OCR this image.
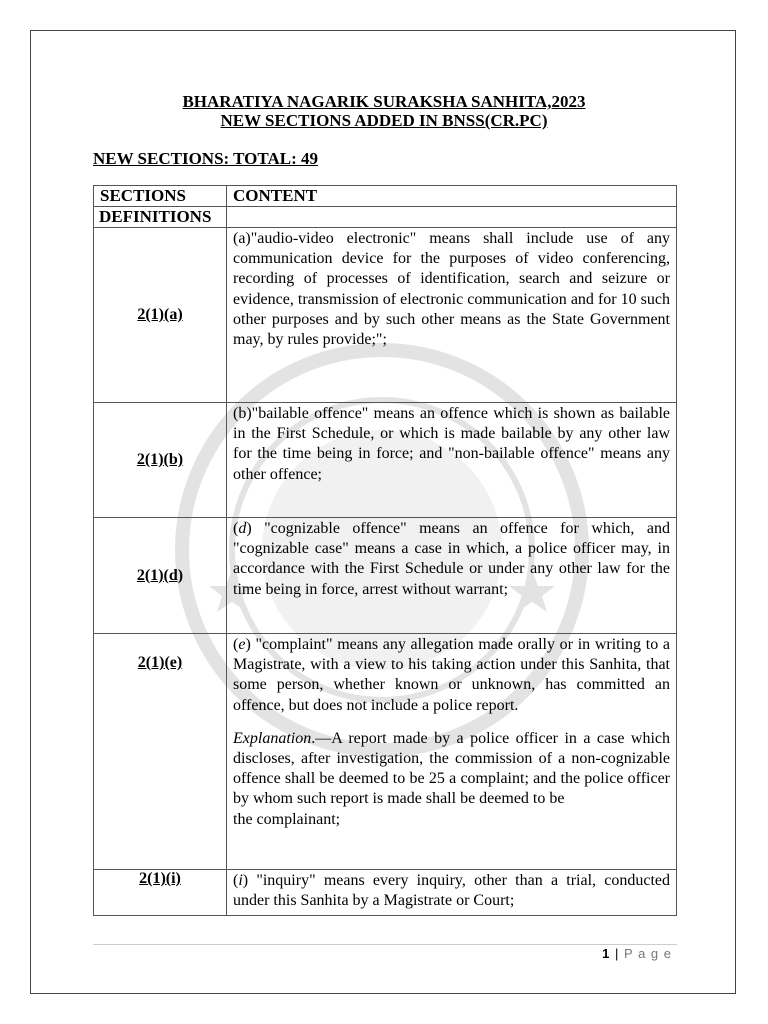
BHARATIYA NAGARIK SURAKSHA SANHITA,2023
NEW SECTIONS ADDED IN BNSS(CR.PC)
NEW SECTIONS: TOTAL: 49
SECTIONS	CONTENT
DEFINITIONS	
2(1)(a)	(a)"audio-video electronic" means shall include use of any communication device for the purposes of video conferencing, recording of processes of identification, search and seizure or evidence, transmission of electronic communication and for 10 such other purposes and by such other means as the State Government may, by rules provide;";

2(1)(b)	(b)"bailable offence" means an offence which is shown as bailable in the First Schedule, or which is made bailable by any other law for the time being in force; and "non-bailable offence" means any other offence;

2(1)(d)	(d) "cognizable offence" means an offence for which, and "cognizable case" means a case in which, a police officer may, in accordance with the First Schedule or under any other law for the time being in force, arrest without warrant;

2(1)(e)	(e) "complaint" means any allegation made orally or in writing to a Magistrate, with a view to his taking action under this Sanhita, that some person, whether known or unknown, has committed an offence, but does not include a police report.

Explanation.—A report made by a police officer in a case which discloses, after investigation, the commission of a non-cognizable offence shall be deemed to be 25 a complaint; and the police officer by whom such report is made shall be deemed to be
the complainant;

2(1)(i)	(i) "inquiry" means every inquiry, other than a trial, conducted under this Sanhita by a Magistrate or Court;

1 | P a g e
